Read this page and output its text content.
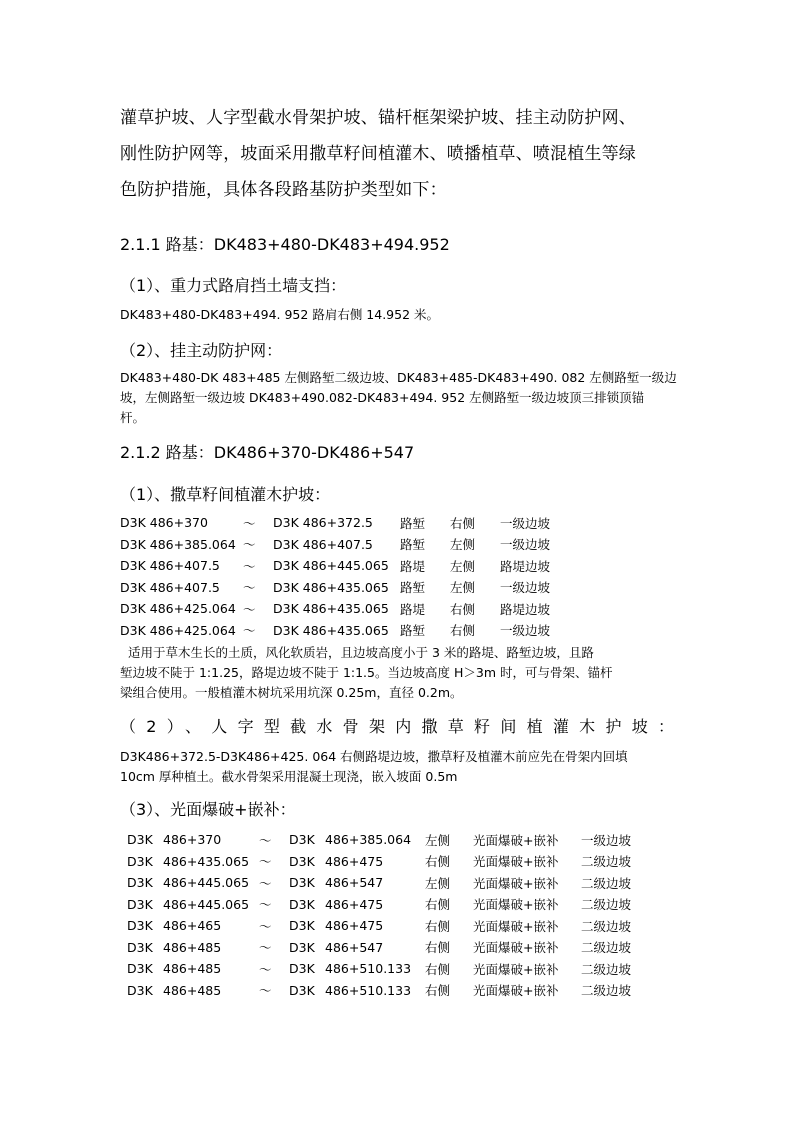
灌草护坡、人字型截水骨架护坡、锚杆框架梁护坡、挂主动防护网、

刚性防护网等，坡面采用撒草籽间植灌木、喷播植草、喷混植生等绿

色防护措施，具体各段路基防护类型如下：

2.1.1 路基：DK483+480-DK483+494.952
（1）、重力式路肩挡土墙支挡：

DK483+480-DK483+494. 952 路肩右侧 14.952 米。

（2）、挂主动防护网：

DK483+480-DK 483+485 左侧路堑二级边坡、DK483+485-DK483+490. 082 左侧路堑一级边

坡，左侧路堑一级边坡 DK483+490.082-DK483+494. 952 左侧路堑一级边坡顶三排锁顶锚

杆。

2.1.2 路基：DK486+370-DK486+547
（1）、撒草籽间植灌木护坡：
D3K 486+370	～	D3K 486+372.5	路堑	右侧	一级边坡
D3K 486+385.064	～	D3K 486+407.5	路堑	左侧	一级边坡
D3K 486+407.5	～	D3K 486+445.065	路堤	左侧	路堤边坡
D3K 486+407.5	～	D3K 486+435.065	路堑	左侧	一级边坡
D3K 486+425.064	～	D3K 486+435.065	路堤	右侧	路堤边坡
D3K 486+425.064	～	D3K 486+435.065	路堑	右侧	一级边坡

适用于草木生长的土质，风化软质岩，且边坡高度小于 3 米的路堤、路堑边坡，且路

堑边坡不陡于 1:1.25，路堤边坡不陡于 1:1.5。当边坡高度 H＞3m 时，可与骨架、锚杆

梁组合使用。一般植灌木树坑采用坑深 0.25m，直径 0.2m。

（2）、人字型截水骨架内撒草籽间植灌木护坡：

D3K486+372.5-D3K486+425. 064 右侧路堤边坡，撒草籽及植灌木前应先在骨架内回填

10cm 厚种植土。截水骨架采用混凝土现浇，嵌入坡面 0.5m

（3）、光面爆破+嵌补：
D3K	486+370	～	D3K	486+385.064	左侧	光面爆破+嵌补	一级边坡
D3K	486+435.065	～	D3K	486+475	右侧	光面爆破+嵌补	二级边坡
D3K	486+445.065	～	D3K	486+547	左侧	光面爆破+嵌补	二级边坡
D3K	486+445.065	～	D3K	486+475	右侧	光面爆破+嵌补	二级边坡
D3K	486+465	～	D3K	486+475	右侧	光面爆破+嵌补	二级边坡
D3K	486+485	～	D3K	486+547	右侧	光面爆破+嵌补	二级边坡
D3K	486+485	～	D3K	486+510.133	右侧	光面爆破+嵌补	二级边坡
D3K	486+485	～	D3K	486+510.133	右侧	光面爆破+嵌补	二级边坡
